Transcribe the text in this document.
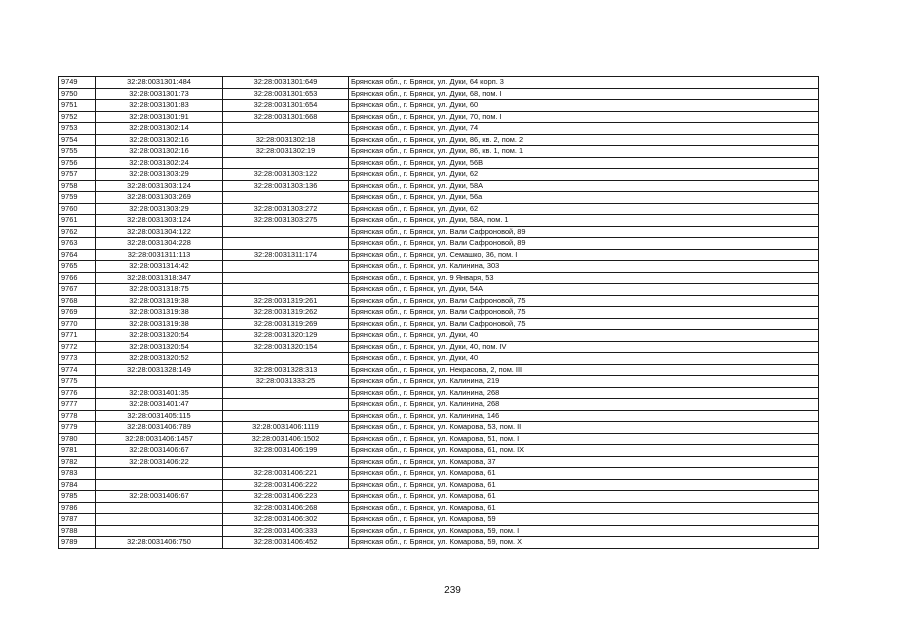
9749	32:28:0031301:484	32:28:0031301:649	Брянская обл., г. Брянск, ул. Дуки, 64 корп. 3
9750	32:28:0031301:73	32:28:0031301:653	Брянская обл., г. Брянск, ул. Дуки, 68, пом. I
9751	32:28:0031301:83	32:28:0031301:654	Брянская обл., г. Брянск, ул. Дуки, 60
9752	32:28:0031301:91	32:28:0031301:668	Брянская обл., г. Брянск, ул. Дуки, 70, пом. I
9753	32:28:0031302:14		Брянская обл., г. Брянск, ул. Дуки, 74
9754	32:28:0031302:16	32:28:0031302:18	Брянская обл., г. Брянск, ул. Дуки, 86, кв. 2, пом. 2
9755	32:28:0031302:16	32:28:0031302:19	Брянская обл., г. Брянск, ул. Дуки, 86, кв. 1, пом. 1
9756	32:28:0031302:24		Брянская обл., г. Брянск, ул. Дуки, 56В
9757	32:28:0031303:29	32:28:0031303:122	Брянская обл., г. Брянск, ул. Дуки, 62
9758	32:28:0031303:124	32:28:0031303:136	Брянская обл., г. Брянск, ул. Дуки, 58А
9759	32:28:0031303:269		Брянская обл., г. Брянск, ул. Дуки, 56а
9760	32:28:0031303:29	32:28:0031303:272	Брянская обл., г. Брянск, ул. Дуки, 62
9761	32:28:0031303:124	32:28:0031303:275	Брянская обл., г. Брянск, ул. Дуки, 58А, пом. 1
9762	32:28:0031304:122		Брянская обл., г. Брянск, ул. Вали Сафроновой, 89
9763	32:28:0031304:228		Брянская обл., г. Брянск, ул. Вали Сафроновой, 89
9764	32:28:0031311:113	32:28:0031311:174	Брянская обл., г. Брянск, ул. Семашко, 36, пом. I
9765	32:28:0031314:42		Брянская обл., г. Брянск, ул. Калинина, 303
9766	32:28:0031318:347		Брянская обл., г. Брянск, ул. 9 Января, 53
9767	32:28:0031318:75		Брянская обл., г. Брянск, ул. Дуки, 54А
9768	32:28:0031319:38	32:28:0031319:261	Брянская обл., г. Брянск, ул. Вали Сафроновой, 75
9769	32:28:0031319:38	32:28:0031319:262	Брянская обл., г. Брянск, ул. Вали Сафроновой, 75
9770	32:28:0031319:38	32:28:0031319:269	Брянская обл., г. Брянск, ул. Вали Сафроновой, 75
9771	32:28:0031320:54	32:28:0031320:129	Брянская обл., г. Брянск, ул. Дуки, 40
9772	32:28:0031320:54	32:28:0031320:154	Брянская обл., г. Брянск, ул. Дуки, 40, пом. IV
9773	32:28:0031320:52		Брянская обл., г. Брянск, ул. Дуки, 40
9774	32:28:0031328:149	32:28:0031328:313	Брянская обл., г. Брянск, ул. Некрасова, 2, пом. III
9775		32:28:0031333:25	Брянская обл., г. Брянск, ул. Калинина, 219
9776	32:28:0031401:35		Брянская обл., г. Брянск, ул. Калинина, 268
9777	32:28:0031401:47		Брянская обл., г. Брянск, ул. Калинина, 268
9778	32:28:0031405:115		Брянская обл., г. Брянск, ул. Калинина, 146
9779	32:28:0031406:789	32:28:0031406:1119	Брянская обл., г. Брянск, ул. Комарова, 53, пом. II
9780	32:28:0031406:1457	32:28:0031406:1502	Брянская обл., г. Брянск, ул. Комарова, 51, пом. I
9781	32:28:0031406:67	32:28:0031406:199	Брянская обл., г. Брянск, ул. Комарова, 61, пом. IX
9782	32:28:0031406:22		Брянская обл., г. Брянск, ул. Комарова, 37
9783		32:28:0031406:221	Брянская обл., г. Брянск, ул. Комарова, 61
9784		32:28:0031406:222	Брянская обл., г. Брянск, ул. Комарова, 61
9785	32:28:0031406:67	32:28:0031406:223	Брянская обл., г. Брянск, ул. Комарова, 61
9786		32:28:0031406:268	Брянская обл., г. Брянск, ул. Комарова, 61
9787		32:28:0031406:302	Брянская обл., г. Брянск, ул. Комарова, 59
9788		32:28:0031406:333	Брянская обл., г. Брянск, ул. Комарова, 59, пом. I
9789	32:28:0031406:750	32:28:0031406:452	Брянская обл., г. Брянск, ул. Комарова, 59, пом. X
239
